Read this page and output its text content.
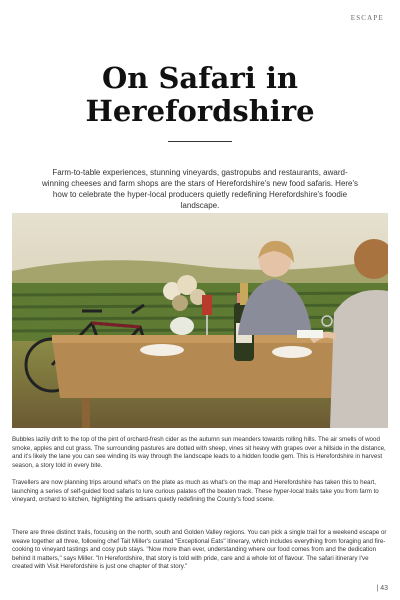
ESCAPE
On Safari in
Herefordshire

Farm-to-table experiences, stunning vineyards, gastropubs and restaurants, award-winning cheeses and farm shops are the stars of Herefordshire's new food safaris. Here's how to celebrate the hyper-local producers quietly redefining Herefordshire's foodie landscape.

Bubbles lazily drift to the top of the pint of orchard-fresh cider as the autumn sun meanders towards rolling hills. The air smells of wood smoke, apples and cut grass. The surrounding pastures are dotted with sheep, vines sit heavy with grapes over a hillside in the distance, and it's likely the lane you can see winding its way through the landscape leads to a hidden foodie gem. This is Herefordshire in harvest season, a story told in every bite.

Travellers are now planning trips around what's on the plate as much as what's on the map and Herefordshire has taken this to heart, launching a series of self-guided food safaris to lure curious palates off the beaten track. These hyper-local trails take you from farm to vineyard, orchard to kitchen, highlighting the artisans quietly redefining the County's food scene.

There are three distinct trails, focusing on the north, south and Golden Valley regions. You can pick a single trail for a weekend escape or weave together all three, following chef Tait Miller's curated "Exceptional Eats" itinerary, which includes everything from foraging and fire-cooking to vineyard tastings and cosy pub stays. "Now more than ever, understanding where our food comes from and the dedication behind it matters," says Miller. "In Herefordshire, that story is told with pride, care and a whole lot of flavour. The safari itinerary I've created with Visit Herefordshire is just one chapter of that story."

| 43
